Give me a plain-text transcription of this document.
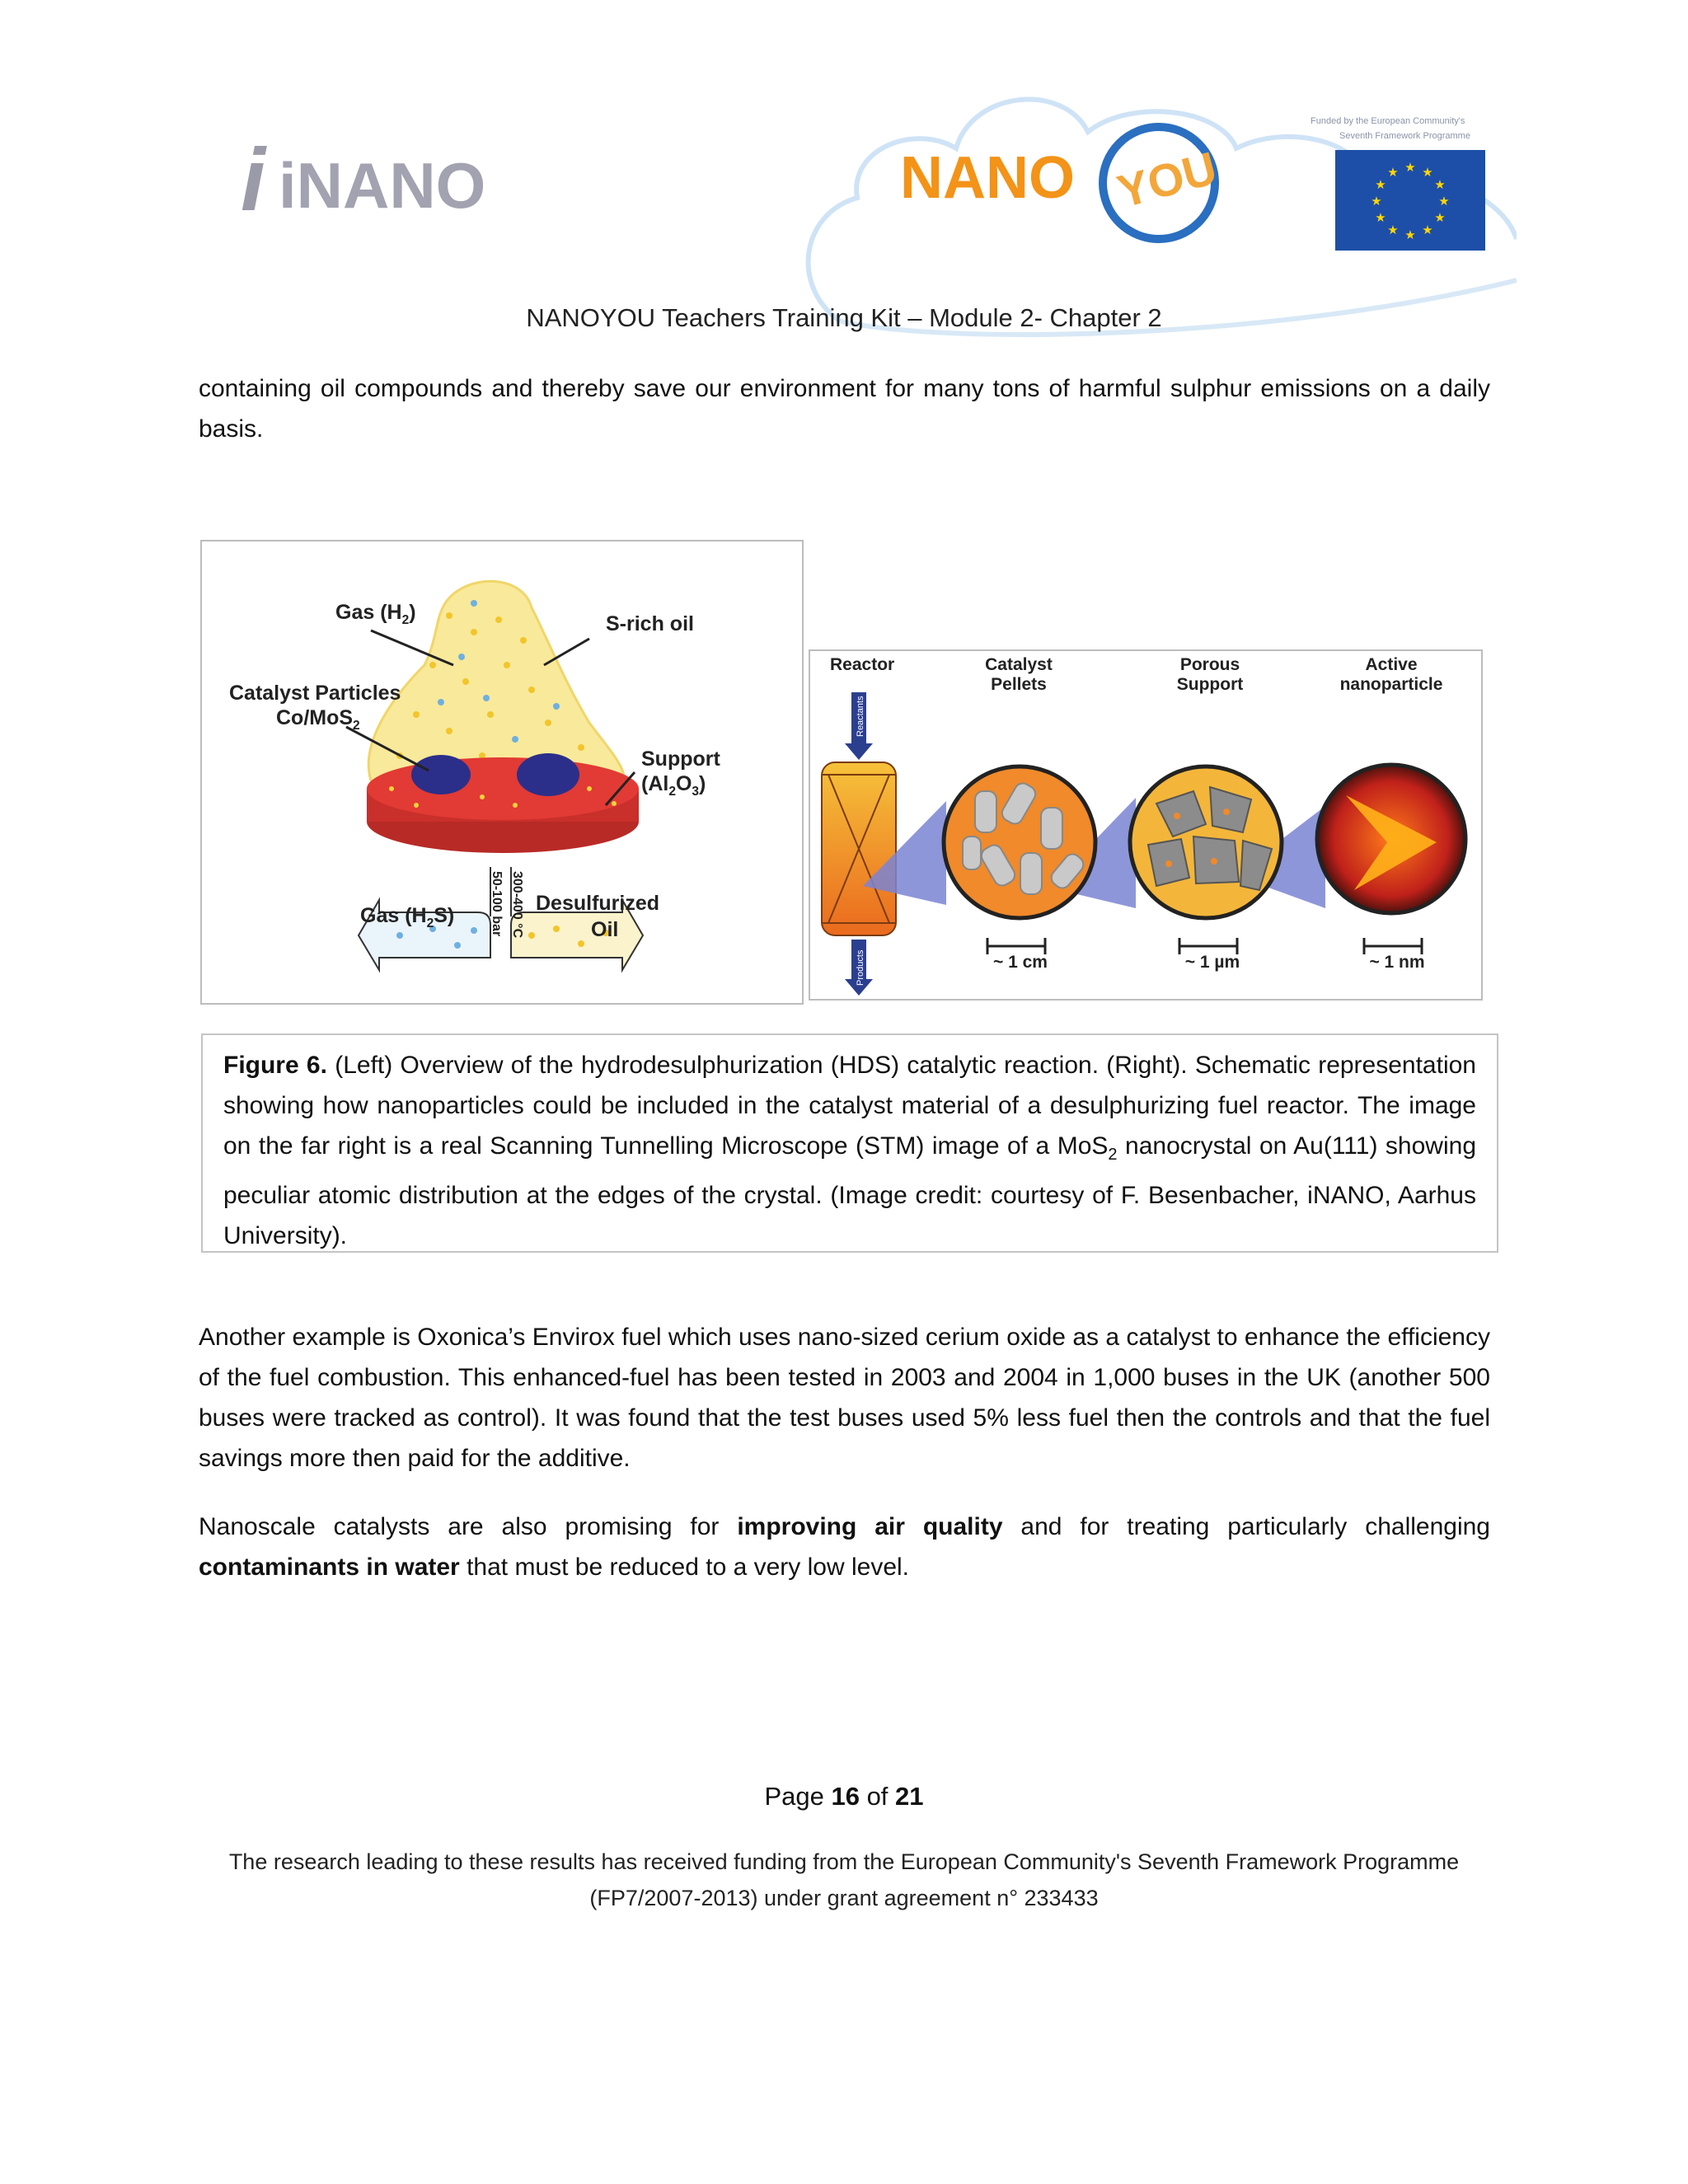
i iNANO	NANO YOU
Funded by the European Community's
Seventh Framework Programme
★ ★
★
★
★
★
★
★
★
★
★
★
NANOYOU Teachers Training Kit – Module 2- Chapter 2
containing oil compounds and thereby save our environment for many tons of harmful sulphur emissions on a daily basis.
300-400 °C
50-100 bar
Gas $(H_2)$	S-rich oil
Catalyst Particles
Co/MoS$_2$
Support
$(Al_2O_3)$
Gas $(H_2S)$
Desulfurized
Oil
Reactants
Products
Reactor	Catalyst
Pellets
Porous
Support
Active
nanoparticle
~ 1 cm	~ 1 µm	~ 1 nm
Figure 6. (Left) Overview of the hydrodesulphurization (HDS) catalytic reaction. (Right). Schematic representation showing how nanoparticles could be included in the catalyst material of a desulphurizing fuel reactor. The image on the far right is a real Scanning Tunnelling Microscope (STM) image of a MoS$_2$ nanocrystal on Au(111) showing peculiar atomic distribution at the edges of the crystal. (Image credit: courtesy of F. Besenbacher, iNANO, Aarhus University).
Another example is Oxonica’s Envirox fuel which uses nano-sized cerium oxide as a catalyst to enhance the efficiency of the fuel combustion. This enhanced-fuel has been tested in 2003 and 2004 in 1,000 buses in the UK (another 500 buses were tracked as control). It was found that the test buses used 5% less fuel then the controls and that the fuel savings more then paid for the additive.
Nanoscale catalysts are also promising for improving air quality and for treating particularly challenging contaminants in water that must be reduced to a very low level.
Page 16 of 21
The research leading to these results has received funding from the European Community's Seventh Framework Programme
(FP7/2007-2013) under grant agreement n° 233433
